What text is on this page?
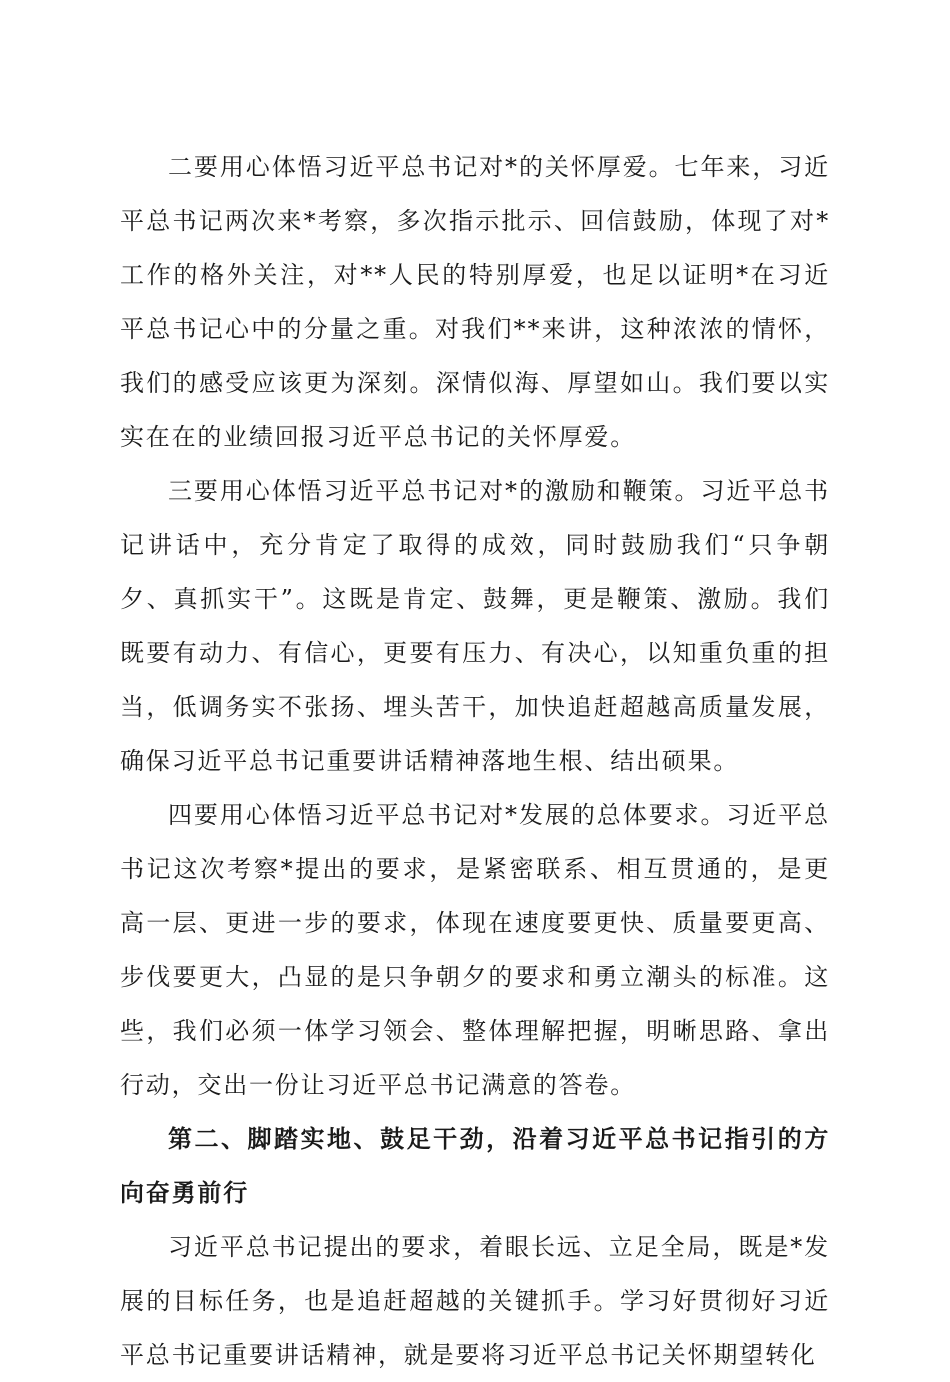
二要用心体悟习近平总书记对*的关怀厚爱。七年来，习近平总书记两次来*考察，多次指示批示、回信鼓励，体现了对*工作的格外关注，对**人民的特别厚爱，也足以证明*在习近平总书记心中的分量之重。对我们**来讲，这种浓浓的情怀，我们的感受应该更为深刻。深情似海、厚望如山。我们要以实实在在的业绩回报习近平总书记的关怀厚爱。

三要用心体悟习近平总书记对*的激励和鞭策。习近平总书记讲话中，充分肯定了取得的成效，同时鼓励我们“只争朝夕、真抓实干”。这既是肯定、鼓舞，更是鞭策、激励。我们既要有动力、有信心，更要有压力、有决心，以知重负重的担当，低调务实不张扬、埋头苦干，加快追赶超越高质量发展，确保习近平总书记重要讲话精神落地生根、结出硕果。

四要用心体悟习近平总书记对*发展的总体要求。习近平总书记这次考察*提出的要求，是紧密联系、相互贯通的，是更高一层、更进一步的要求，体现在速度要更快、质量要更高、步伐要更大，凸显的是只争朝夕的要求和勇立潮头的标准。这些，我们必须一体学习领会、整体理解把握，明晰思路、拿出行动，交出一份让习近平总书记满意的答卷。

第二、脚踏实地、鼓足干劲，沿着习近平总书记指引的方向奋勇前行

习近平总书记提出的要求，着眼长远、立足全局，既是*发展的目标任务，也是追赶超越的关键抓手。学习好贯彻好习近平总书记重要讲话精神，就是要将习近平总书记关怀期望转化
